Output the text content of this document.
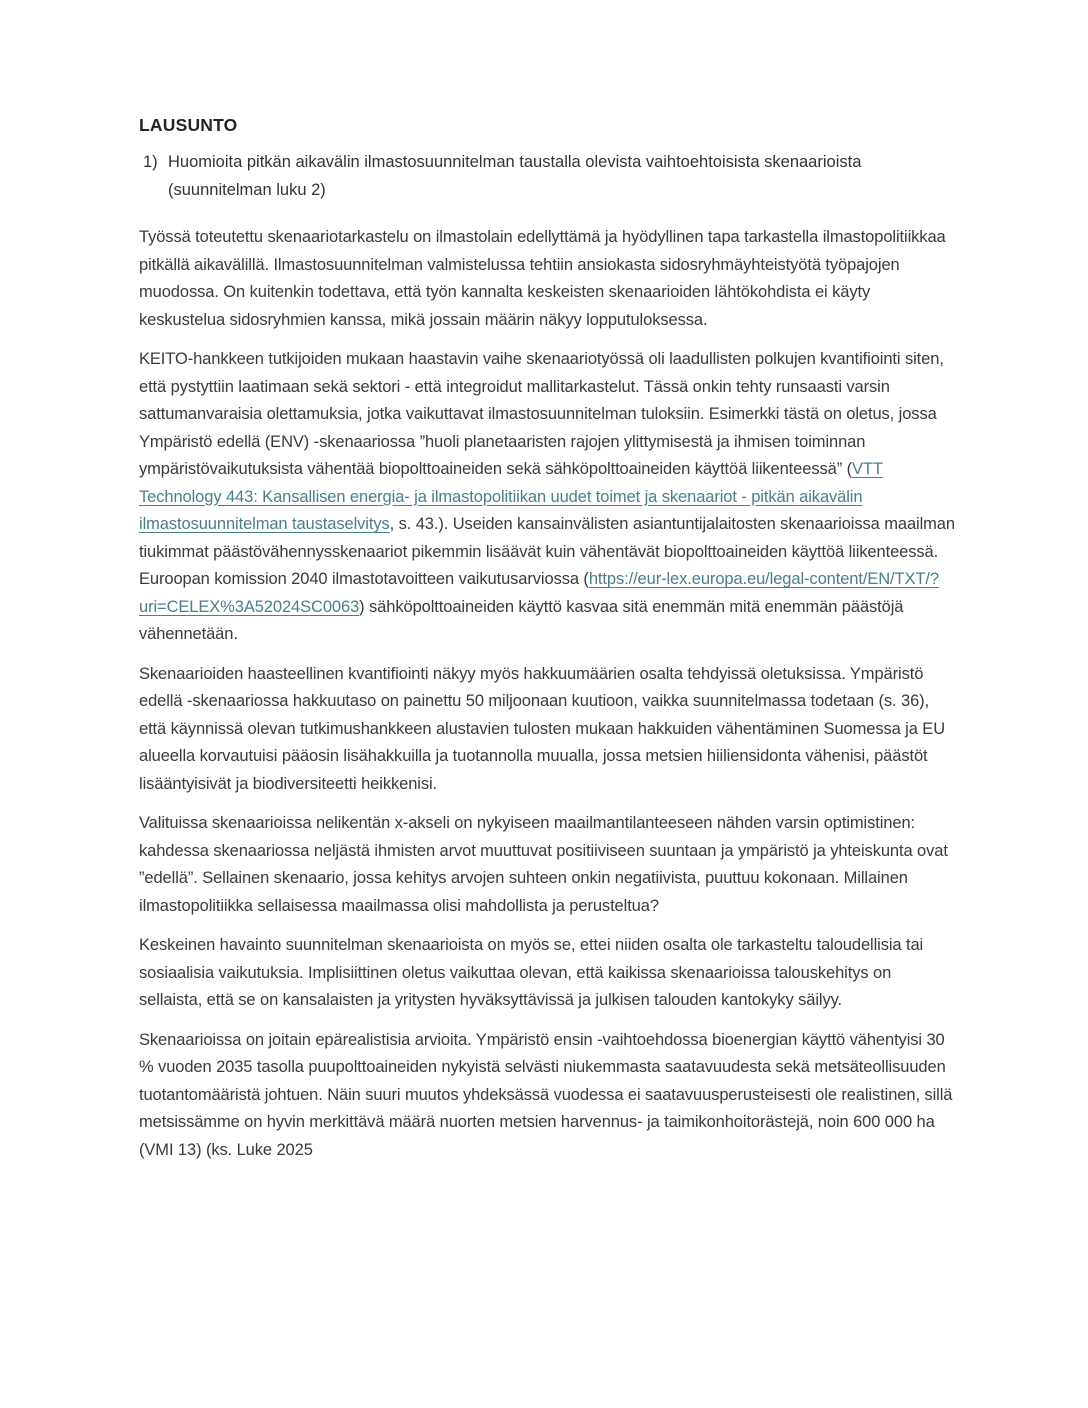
LAUSUNTO
1) Huomioita pitkän aikavälin ilmastosuunnitelman taustalla olevista vaihtoehtoisista skenaarioista (suunnitelman luku 2)

Työssä toteutettu skenaariotarkastelu on ilmastolain edellyttämä ja hyödyllinen tapa tarkastella ilmastopolitiikkaa pitkällä aikavälillä. Ilmastosuunnitelman valmistelussa tehtiin ansiokasta sidosryhmäyhteistyötä työpajojen muodossa. On kuitenkin todettava, että työn kannalta keskeisten skenaarioiden lähtökohdista ei käyty keskustelua sidosryhmien kanssa, mikä jossain määrin näkyy lopputuloksessa.

KEITO-hankkeen tutkijoiden mukaan haastavin vaihe skenaariotyössä oli laadullisten polkujen kvantifiointi siten, että pystyttiin laatimaan sekä sektori - että integroidut mallitarkastelut. Tässä onkin tehty runsaasti varsin sattumanvaraisia olettamuksia, jotka vaikuttavat ilmastosuunnitelman tuloksiin. Esimerkki tästä on oletus, jossa Ympäristö edellä (ENV) -skenaariossa ”huoli planetaaristen rajojen ylittymisestä ja ihmisen toiminnan ympäristövaikutuksista vähentää biopolttoaineiden sekä sähköpolttoaineiden käyttöä liikenteessä” (VTT Technology 443: Kansallisen energia- ja ilmastopolitiikan uudet toimet ja skenaariot - pitkän aikavälin ilmastosuunnitelman taustaselvitys, s. 43.). Useiden kansainvälisten asiantuntijalaitosten skenaarioissa maailman tiukimmat päästövähennysskenaariot pikemmin lisäävät kuin vähentävät biopolttoaineiden käyttöä liikenteessä. Euroopan komission 2040 ilmastotavoitteen vaikutusarviossa (https://eur-lex.europa.eu/legal-content/EN/TXT/?uri=CELEX%3A52024SC0063) sähköpolttoaineiden käyttö kasvaa sitä enemmän mitä enemmän päästöjä vähennetään.

Skenaarioiden haasteellinen kvantifiointi näkyy myös hakkuumäärien osalta tehdyissä oletuksissa. Ympäristö edellä -skenaariossa hakkuutaso on painettu 50 miljoonaan kuutioon, vaikka suunnitelmassa todetaan (s. 36), että käynnissä olevan tutkimushankkeen alustavien tulosten mukaan hakkuiden vähentäminen Suomessa ja EU alueella korvautuisi pääosin lisähakkuilla ja tuotannolla muualla, jossa metsien hiiliensidonta vähenisi, päästöt lisääntyisivät ja biodiversiteetti heikkenisi.

Valituissa skenaarioissa nelikentän x-akseli on nykyiseen maailmantilanteeseen nähden varsin optimistinen: kahdessa skenaariossa neljästä ihmisten arvot muuttuvat positiiviseen suuntaan ja ympäristö ja yhteiskunta ovat ”edellä”. Sellainen skenaario, jossa kehitys arvojen suhteen onkin negatiivista, puuttuu kokonaan. Millainen ilmastopolitiikka sellaisessa maailmassa olisi mahdollista ja perusteltua?

Keskeinen havainto suunnitelman skenaarioista on myös se, ettei niiden osalta ole tarkasteltu taloudellisia tai sosiaalisia vaikutuksia. Implisiittinen oletus vaikuttaa olevan, että kaikissa skenaarioissa talouskehitys on sellaista, että se on kansalaisten ja yritysten hyväksyttävissä ja julkisen talouden kantokyky säilyy.

Skenaarioissa on joitain epärealistisia arvioita. Ympäristö ensin -vaihtoehdossa bioenergian käyttö vähentyisi 30 % vuoden 2035 tasolla puupolttoaineiden nykyistä selvästi niukemmasta saatavuudesta sekä metsäteollisuuden tuotantomääristä johtuen. Näin suuri muutos yhdeksässä vuodessa ei saatavuusperusteisesti ole realistinen, sillä metsissämme on hyvin merkittävä määrä nuorten metsien harvennus- ja taimikonhoitorästejä, noin 600 000 ha (VMI 13) (ks. Luke 2025
